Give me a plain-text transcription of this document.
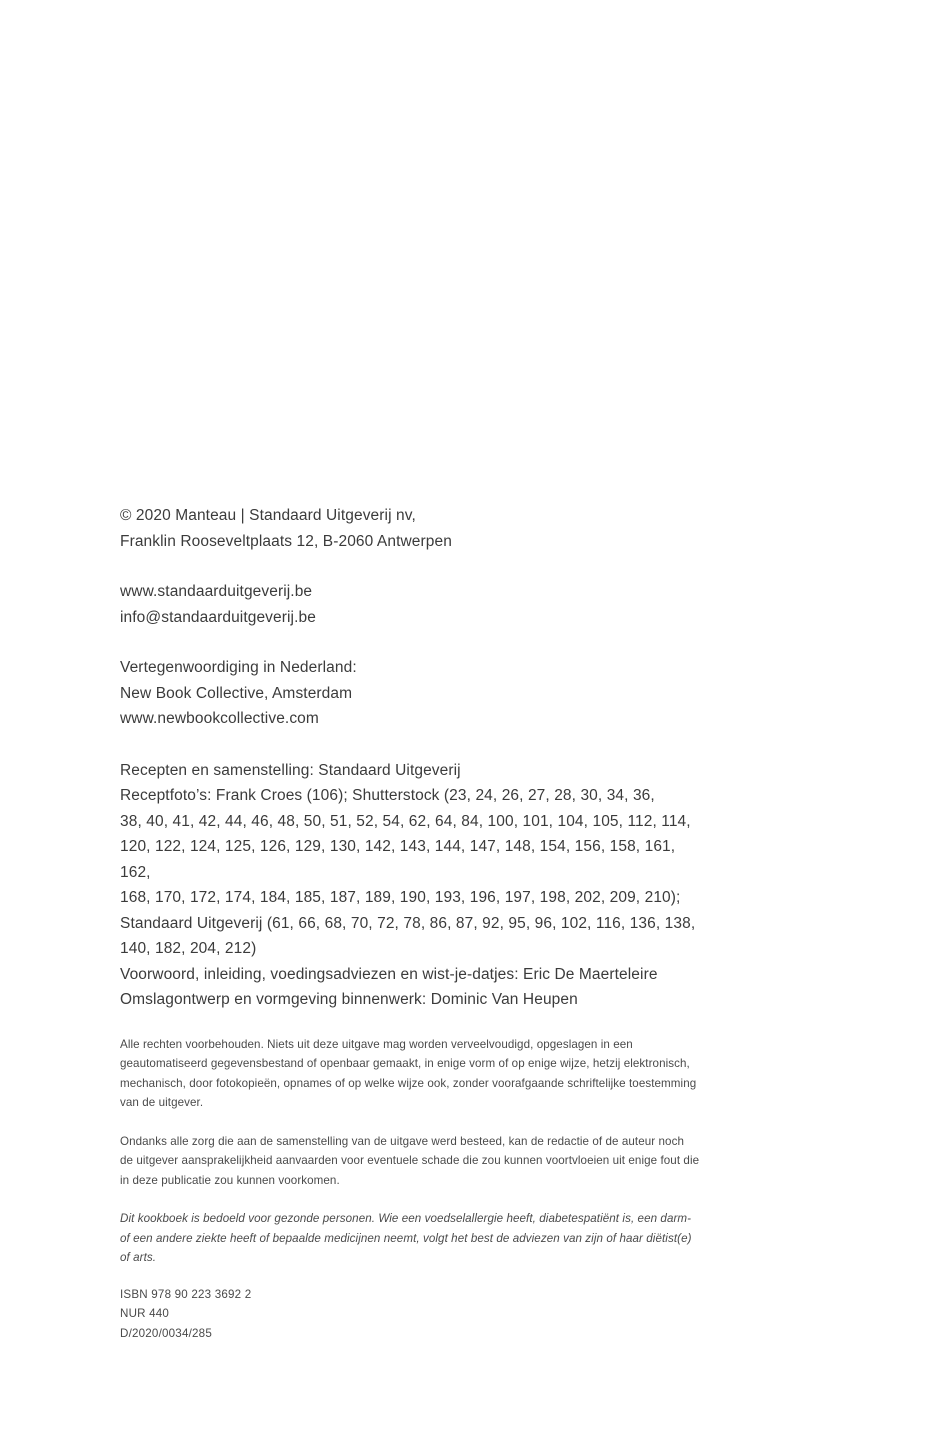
© 2020 Manteau | Standaard Uitgeverij nv,
Franklin Rooseveltplaats 12, B-2060 Antwerpen
www.standaarduitgeverij.be
info@standaarduitgeverij.be
Vertegenwoordiging in Nederland:
New Book Collective, Amsterdam
www.newbookcollective.com
Recepten en samenstelling: Standaard Uitgeverij
Receptfoto’s: Frank Croes (106); Shutterstock (23, 24, 26, 27, 28, 30, 34, 36,
38, 40, 41, 42, 44, 46, 48, 50, 51, 52, 54, 62, 64, 84, 100, 101, 104, 105, 112, 114,
120, 122, 124, 125, 126, 129, 130, 142, 143, 144, 147, 148, 154, 156, 158, 161, 162,
168, 170, 172, 174, 184, 185, 187, 189, 190, 193, 196, 197, 198, 202, 209, 210);
Standaard Uitgeverij (61, 66, 68, 70, 72, 78, 86, 87, 92, 95, 96, 102, 116, 136, 138,
140, 182, 204, 212)
Voorwoord, inleiding, voedingsadviezen en wist-je-datjes: Eric De Maerteleire
Omslagontwerp en vormgeving binnenwerk: Dominic Van Heupen

Alle rechten voorbehouden. Niets uit deze uitgave mag worden verveelvoudigd, opgeslagen in een geautomatiseerd gegevensbestand of openbaar gemaakt, in enige vorm of op enige wijze, hetzij elektronisch, mechanisch, door fotokopieën, opnames of op welke wijze ook, zonder voorafgaande schriftelijke toestemming van de uitgever.

Ondanks alle zorg die aan de samenstelling van de uitgave werd besteed, kan de redactie of de auteur noch de uitgever aansprakelijkheid aanvaarden voor eventuele schade die zou kunnen voortvloeien uit enige fout die in deze publicatie zou kunnen voorkomen.

Dit kookboek is bedoeld voor gezonde personen. Wie een voedselallergie heeft, diabetespatiënt is, een darm- of een andere ziekte heeft of bepaalde medicijnen neemt, volgt het best de adviezen van zijn of haar diëtist(e) of arts.

ISBN 978 90 223 3692 2
NUR 440
D/2020/0034/285
